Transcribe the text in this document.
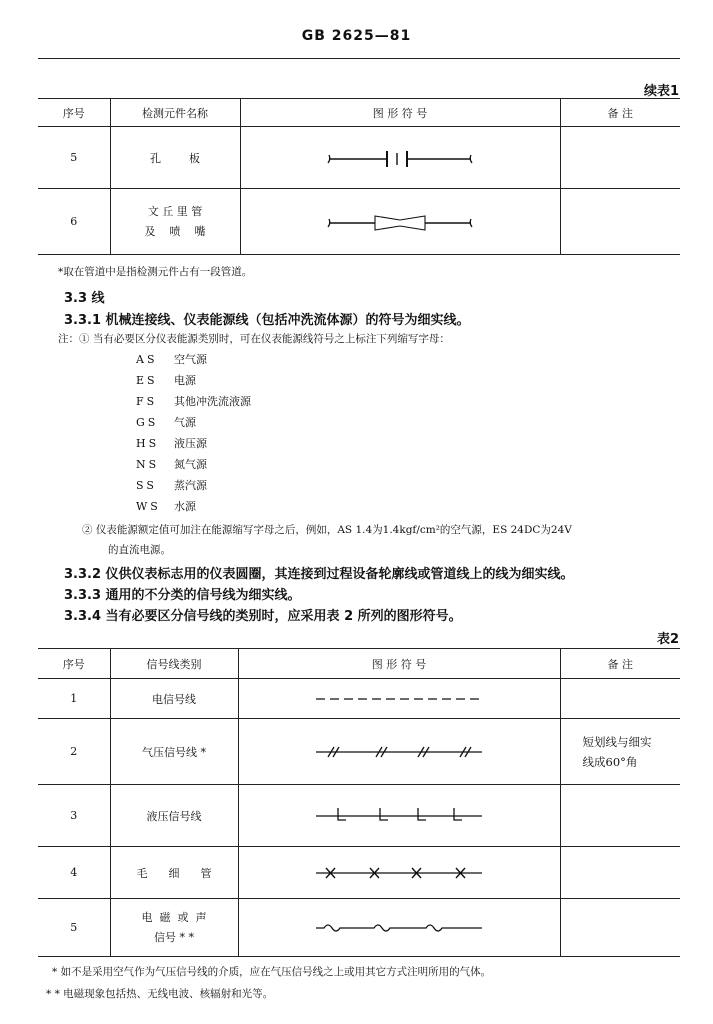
GB 2625—81
续表1
序号	检测元件名称	图 形 符 号	备 注
5	孔        板	

6	文 丘 里 管
及    喷    嘴

*取在管道中是指检测元件占有一段管道。
3.3 线
3.3.1 机械连接线、仪表能源线（包括冲洗流体源）的符号为细实线。
注：① 当有必要区分仪表能源类别时，可在仪表能源线符号之上标注下列缩写字母：
AS 空气源
ES 电源
FS 其他冲洗流液源
GS 气源
HS 液压源
NS 氮气源
SS 蒸汽源
WS 水源
② 仪表能源额定值可加注在能源缩写字母之后，例如，AS 1.4为1.4kgf/cm²的空气源，ES 24DC为24V
的直流电源。
3.3.2 仪供仪表标志用的仪表圆圈，其连接到过程设备轮廓线或管道线上的线为细实线。
3.3.3 通用的不分类的信号线为细实线。
3.3.4 当有必要区分信号线的类别时，应采用表 2 所列的图形符号。
表2
序号	信号线类别	图 形 符 号	备 注
1	电信号线	

2	气压信号线 *		短划线与细实
线成60°角

3	液压信号线	

4	毛      细      管	

5	电  磁  或  声
信号 * *

* 如不是采用空气作为气压信号线的介质，应在气压信号线之上或用其它方式注明所用的气体。
* * 电磁现象包括热、无线电波、核辐射和光等。
